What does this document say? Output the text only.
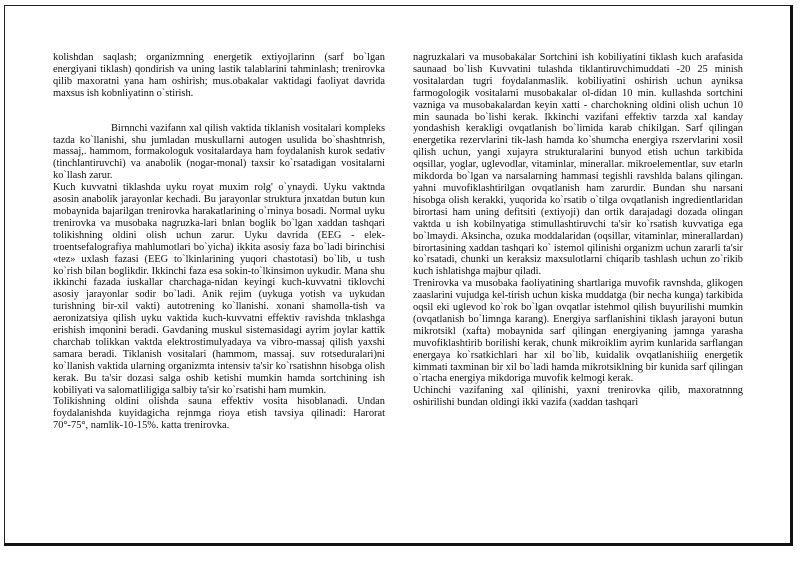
kolishdan saqlash; organizmning energetik extiyojlarinn (sarf bo`lgan energiyani tiklash) qondirish va uning lastik talablarini tahminlash; trenirovka qilib maxoratni yana ham oshirish; mus.obakalar vaktidagi faoliyat davrida maxsus ish kobnliyatinn o`stirish.

Birnnchi vazifann xal qilish vaktida tiklanish vositalari kompleks tazda ko`llanishi, shu jumladan muskullarni autogen usulida bo`shashtnrish, massaj,. hammom, formakologuk vositalardaya ham foydalanish kurok sedativ (tinchlantiruvchi) va anabolik (nogar-monal) taxsir ko`rsatadigan vositalarni ko`llash zarur.

Kuch kuvvatni tiklashda uyku royat muxim rolg' o`ynaydi. Uyku vaktnda asosin anabolik jarayonlar kechadi. Bu jarayonlar struktura jnxatdan butun kun mobaynida bajarilgan trenirovka harakatlarining o`rninya bosadi. Normal uyku trenirovka va musobaka nagruzka-lari bnlan boglik bo`lgan xaddan tashqari tolikishning oldini olish uchun zarur. Uyku davrida (EEG - elek-troentsefalografiya mahlumotlari bo`yicha) ikkita asosiy faza bo`ladi birinchisi «tez» uxlash fazasi (EEG to`lkinlarining yuqori chastotasi) bo`lib, u tush ko`rish bilan boglikdir. Ikkinchi faza esa sokin-to`lkinsimon uykudir. Mana shu ikkinchi fazada iuskallar charchaga-nidan keyingi kuch-kuvvatni tiklovchi asosiy jarayonlar sodir bo`ladi. Anik rejim (uykuga yotish va uykudan turishning bir-xil vakti) autotrening ko`llanishi. xonani shamolla-tish va aeronizatsiya qilish uyku vaktida kuch-kuvvatni effektiv ravishda tnklashga erishish imqonini beradi. Gavdaning muskul sistemasidagi ayrim joylar kattik charchab tolikkan vaktda elektrostimulyadaya va vibro-massaj qilish yaxshi samara beradi. Tiklanish vositalari (hammom, massaj. suv rotseduralari)ni ko`llanish vaktida ularning organizmta intensiv ta'sir ko`rsatishnn hisobga olish kerak. Bu ta'sir dozasi salga oshib ketishi mumkin hamda sortchining ish kobiliyati va salomatliligiga salbiy ta'sir ko`rsatishi ham mumkin.

Tolikishning oldini olishda sauna effektiv vosita hisoblanadi. Undan foydalanishda kuyidagicha rejnmga rioya etish tavsiya qilinadi: Harorat 70°-75°, namlik-10-15%. katta trenirovka.

nagruzkalari va musobakalar Sortchini ish kobiliyatini tiklash kuch arafasida saunaad bo`lish Kuvvatini tulashda tiklantiruvchimuddati -20 25 minish vositalardan tugri foydalanmaslik. kobiliyatini oshirish uchun ayniksa farmogologik vositalarni musobakalar ol-didan 10 min. kullashda sortchini vazniga va musobakalardan keyin xatti - charchokning oldini olish uchun 10 min saunada bo`lishi kerak. Ikkinchi vazifani effektiv tarzda xal kanday yondashish kerakligi ovqatlanish bo`limida karab chikilgan. Sarf qilingan energetika rezervlarini tik-lash hamda ko`shumcha energiya rszervlarini xosil qilish uchun, yangi xujayra strukturalarini bunyod etish uchun tarkibida oqsillar, yoglar, uglevodlar, vitaminlar, minerallar. mikroelementlar, suv etarln mikdorda bo`lgan va narsalarning hammasi tegishli ravshlda balans qilingan. yahni muvofiklashtirilgan ovqatlanish ham zarurdir. Bundan shu narsani hisobga olish kerakki, yuqorida ko`rsatib o`tilga ovqatlanish ingredientlaridan birortasi ham uning defitsiti (extiyoji) dan ortik darajadagi dozada olingan vaktda u ish kobilnyatiga stimullashtiruvchi ta'sir ko`rsatish kuvvatiga ega bo`lmaydi. Aksincha, ozuka moddalaridan (oqsillar, vitaminlar, minerallardan) birortasining xaddan tashqari ko` istemol qilinishi organizm uchun zararli ta'sir ko`rsatadi, chunki un keraksiz maxsulotlarni chiqarib tashlash uchun zo`rikib kuch ishlatishga majbur qiladi.

Trenirovka va musobaka faoliyatining shartlariga muvofik ravnshda, glikogen zaaslarini vujudga kel-tirish uchun kiska muddatga (bir necha kunga) tarkibida oqsil eki uglevod ko`rok bo`lgan ovqatlar istehmol qilish buyurilishi mumkin (ovqatlanish bo`limnga karang). Energiya sarflanishini tiklash jarayoni butun mikrotsikl (xafta) mobaynida sarf qilingan energiyaning jamnga yarasha muvofiklashtirib borilishi kerak, chunk mikroiklim ayrim kunlarida sarflangan energaya ko`rsatkichlari har xil bo`lib, kuidalik ovqatlanishiiig energetik kimmati taxminan bir xil bo`ladi hamda mikrotsiklning bir kunida sarf qilingan o`rtacha energiya mikdoriga muvofik kelmogi kerak.

Uchinchi vazifaning xal qilinishi, yaxni trenirovka qilib, maxoratnnng oshirilishi bundan oldingi ikki vazifa (xaddan tashqari
